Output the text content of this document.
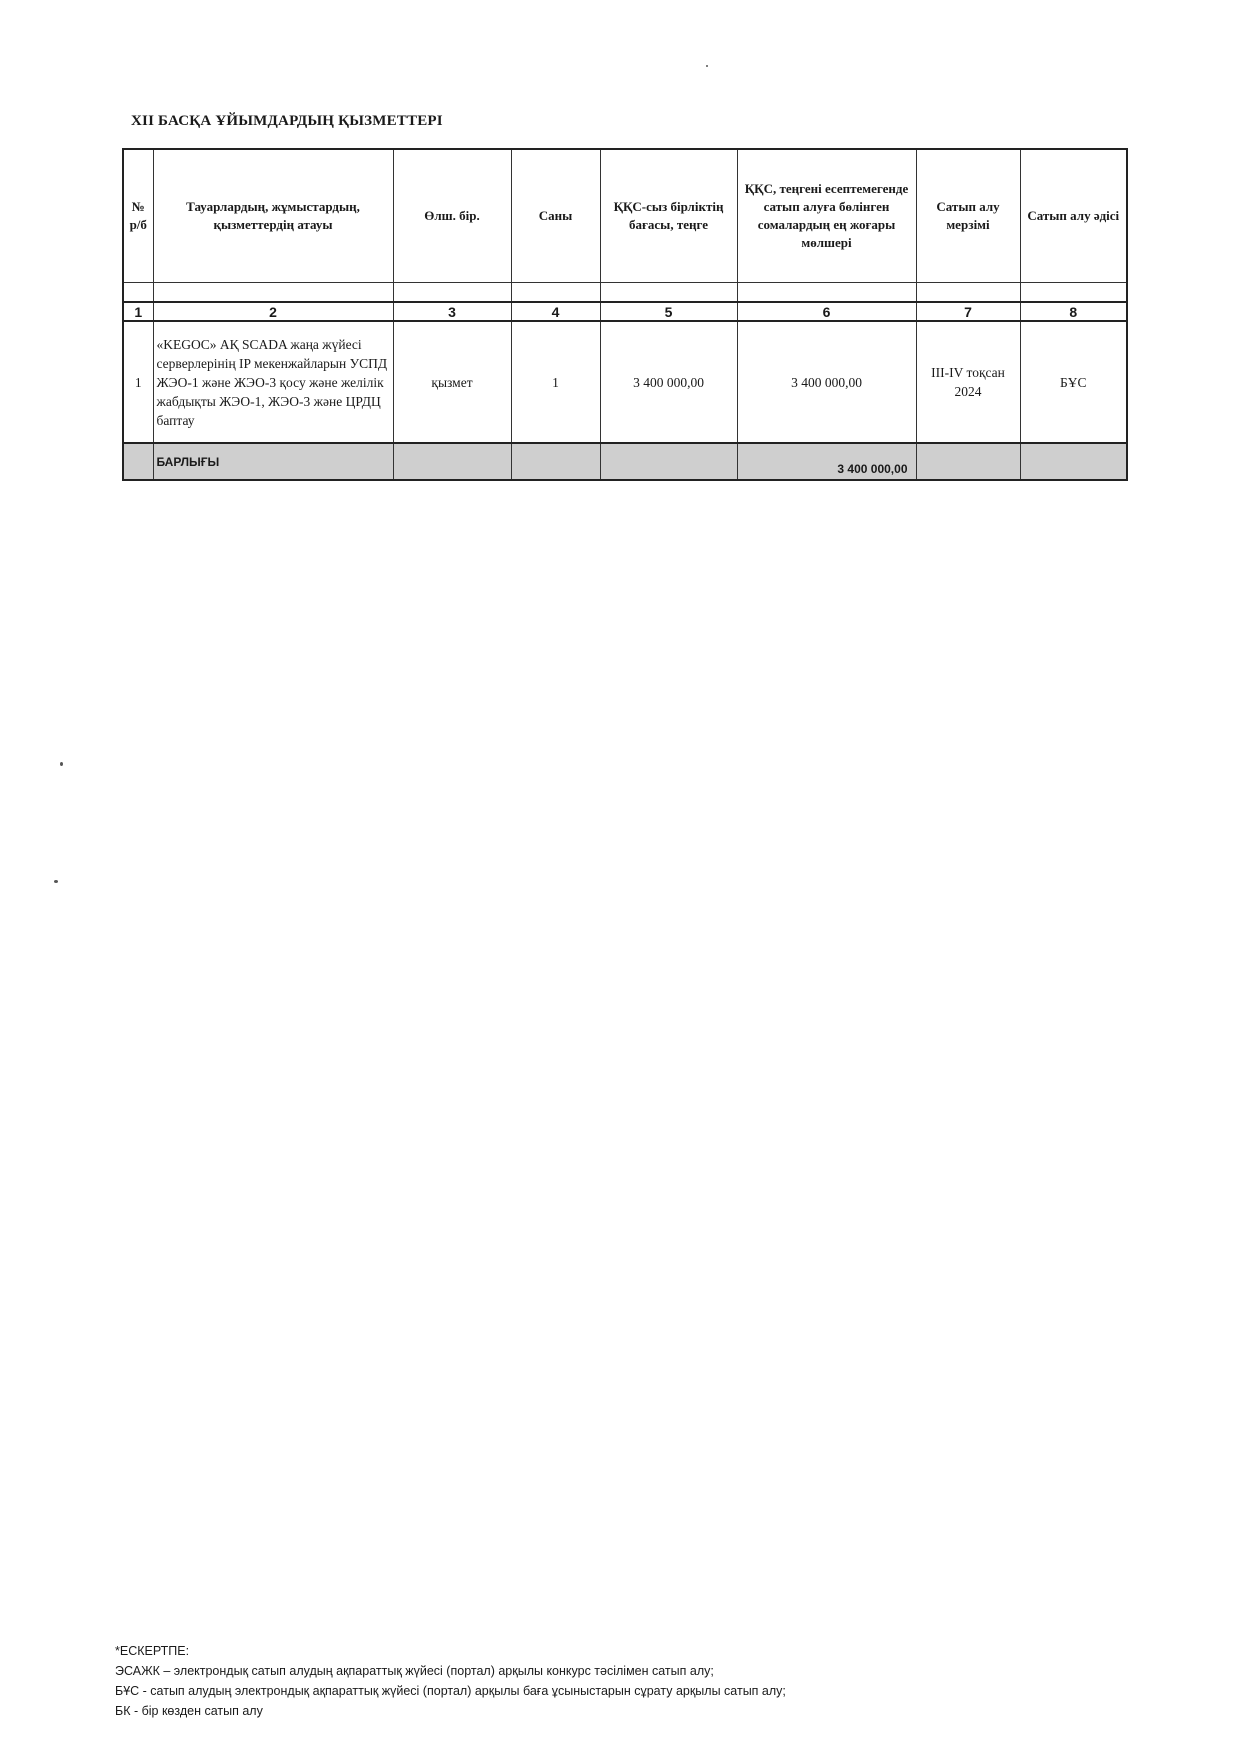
XII БАСҚА ҰЙЫМДАРДЫҢ ҚЫЗМЕТТЕРІ
№ р/б	Тауарлардың, жұмыстардың, қызметтердің атауы	Өлш. бір.	Саны	ҚҚС-сыз бірліктің бағасы, теңге	ҚҚС, теңгені есептемегенде сатып алуға бөлінген сомалардың ең жоғары мөлшері	Сатып алу мерзімі	Сатып алу әдісі

1	2	3	4	5	6	7	8
1	«KEGOC» АҚ SCADA жаңа жүйесі серверлерінің IP мекенжайларын УСПД ЖЭО-1 және ЖЭО-3 қосу және желілік жабдықты ЖЭО-1, ЖЭО-3 және ЦРДЦ баптау	қызмет	1	3 400 000,00	3 400 000,00	III-IV тоқсан 2024	БҰС
	БАРЛЫҒЫ				3 400 000,00		
*ЕСКЕРТПЕ:
ЭСАЖК – электрондық сатып алудың ақпараттық жүйесі (портал) арқылы конкурс тәсілімен сатып алу;
БҰС - сатып алудың электрондық ақпараттық жүйесі (портал) арқылы баға ұсыныстарын сұрату арқылы сатып алу;
БК - бір көзден сатып алу
